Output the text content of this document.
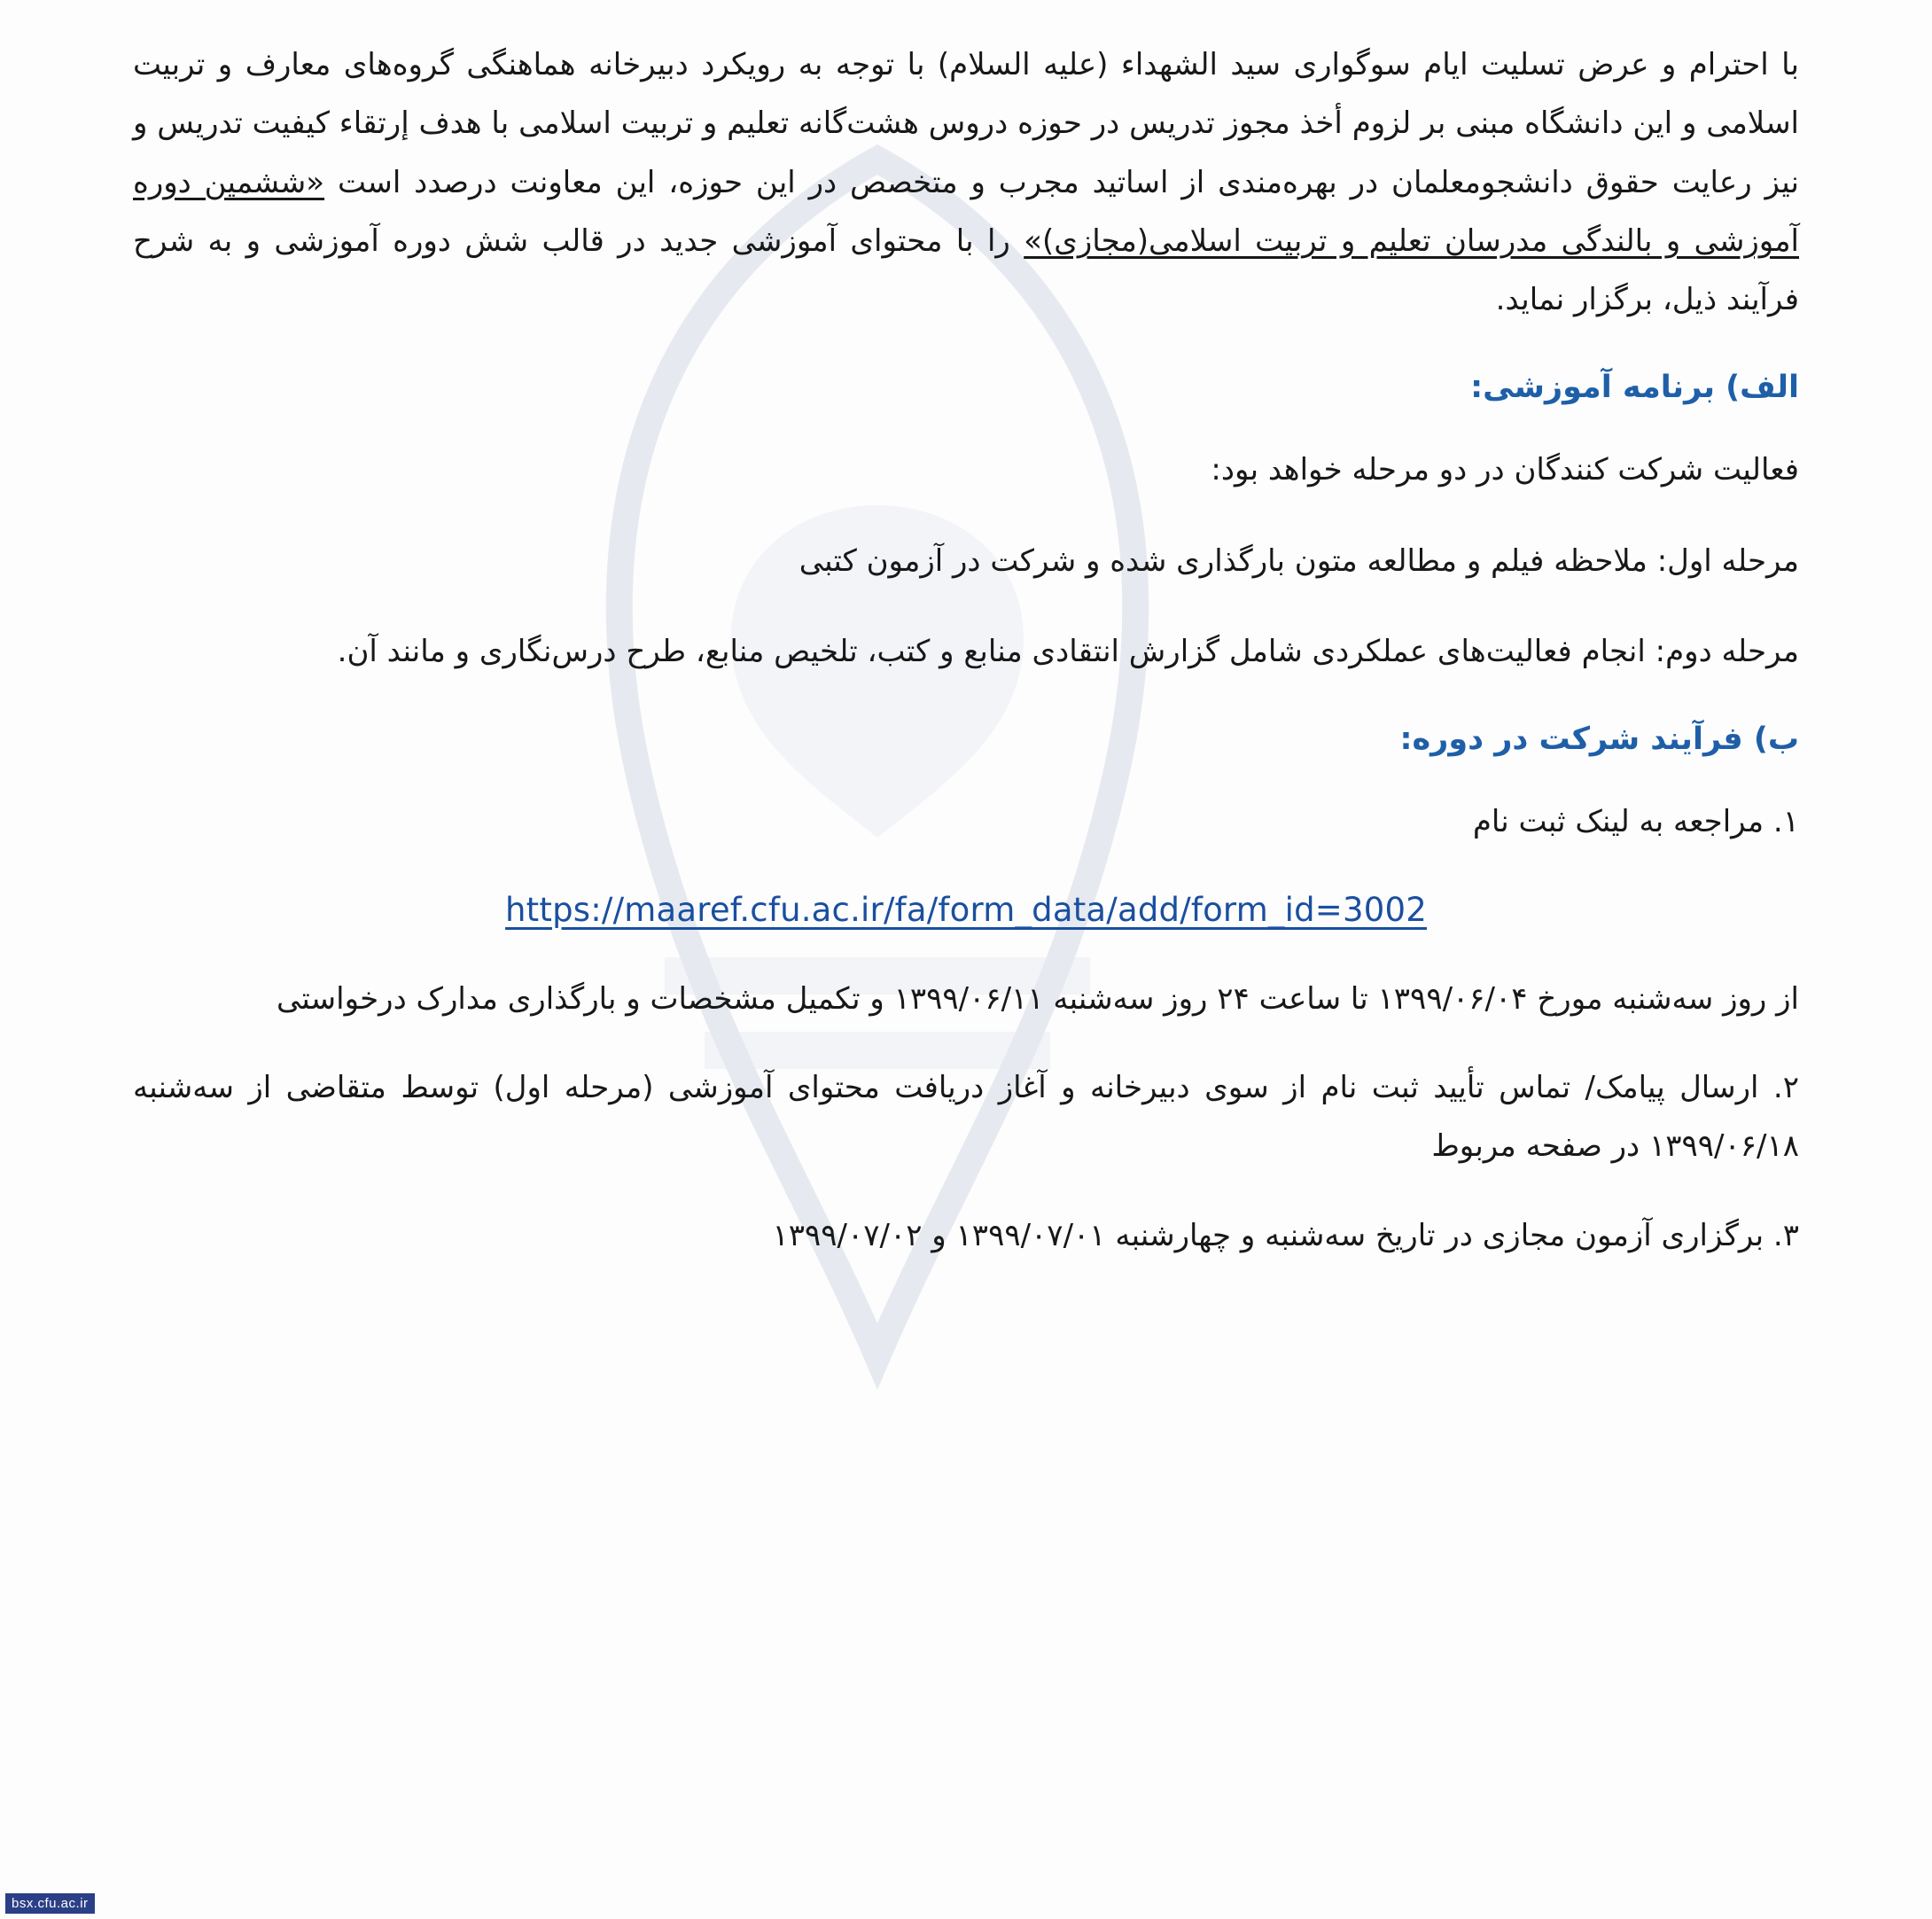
با احترام و عرض تسلیت ایام سوگواری سید الشهداء (علیه السلام) با توجه به رویکرد دبیرخانه هماهنگی گروه‌های معارف و تربیت اسلامی و این دانشگاه مبنی بر لزوم أخذ مجوز تدریس در حوزه دروس هشت‌گانه تعلیم و تربیت اسلامی با هدف إرتقاء کیفیت تدریس و نیز رعایت حقوق دانشجومعلمان در بهره‌مندی از اساتید مجرب و متخصص در این حوزه، این معاونت درصدد است «ششمین دوره آموزشی و بالندگی مدرسان تعلیم و تربیت اسلامی(مجازی)» را با محتوای آموزشی جدید در قالب شش دوره آموزشی و به شرح فرآیند ذیل، برگزار نماید.

الف) برنامه آموزشی:

فعالیت شرکت کنندگان در دو مرحله خواهد بود:

مرحله اول: ملاحظه فیلم و مطالعه متون بارگذاری شده و شرکت در آزمون کتبی

مرحله دوم: انجام فعالیت‌های عملکردی شامل گزارش انتقادی منابع و کتب، تلخیص منابع، طرح درس‌نگاری و مانند آن.

ب) فرآیند شرکت در دوره:

۱. مراجعه به لینک ثبت نام

https://maaref.cfu.ac.ir/fa/form_data/add/form_id=3002

از روز سه‌شنبه مورخ ۱۳۹۹/۰۶/۰۴ تا ساعت ۲۴ روز سه‌شنبه ۱۳۹۹/۰۶/۱۱ و تکمیل مشخصات و بارگذاری مدارک درخواستی

۲. ارسال پیامک/ تماس تأیید ثبت نام از سوی دبیرخانه و آغاز دریافت محتوای آموزشی (مرحله اول) توسط متقاضی از سه‌شنبه ۱۳۹۹/۰۶/۱۸ در صفحه مربوط

۳. برگزاری آزمون مجازی در تاریخ سه‌شنبه و چهارشنبه ۱۳۹۹/۰۷/۰۱ و ۱۳۹۹/۰۷/۰۲

bsx.cfu.ac.ir
